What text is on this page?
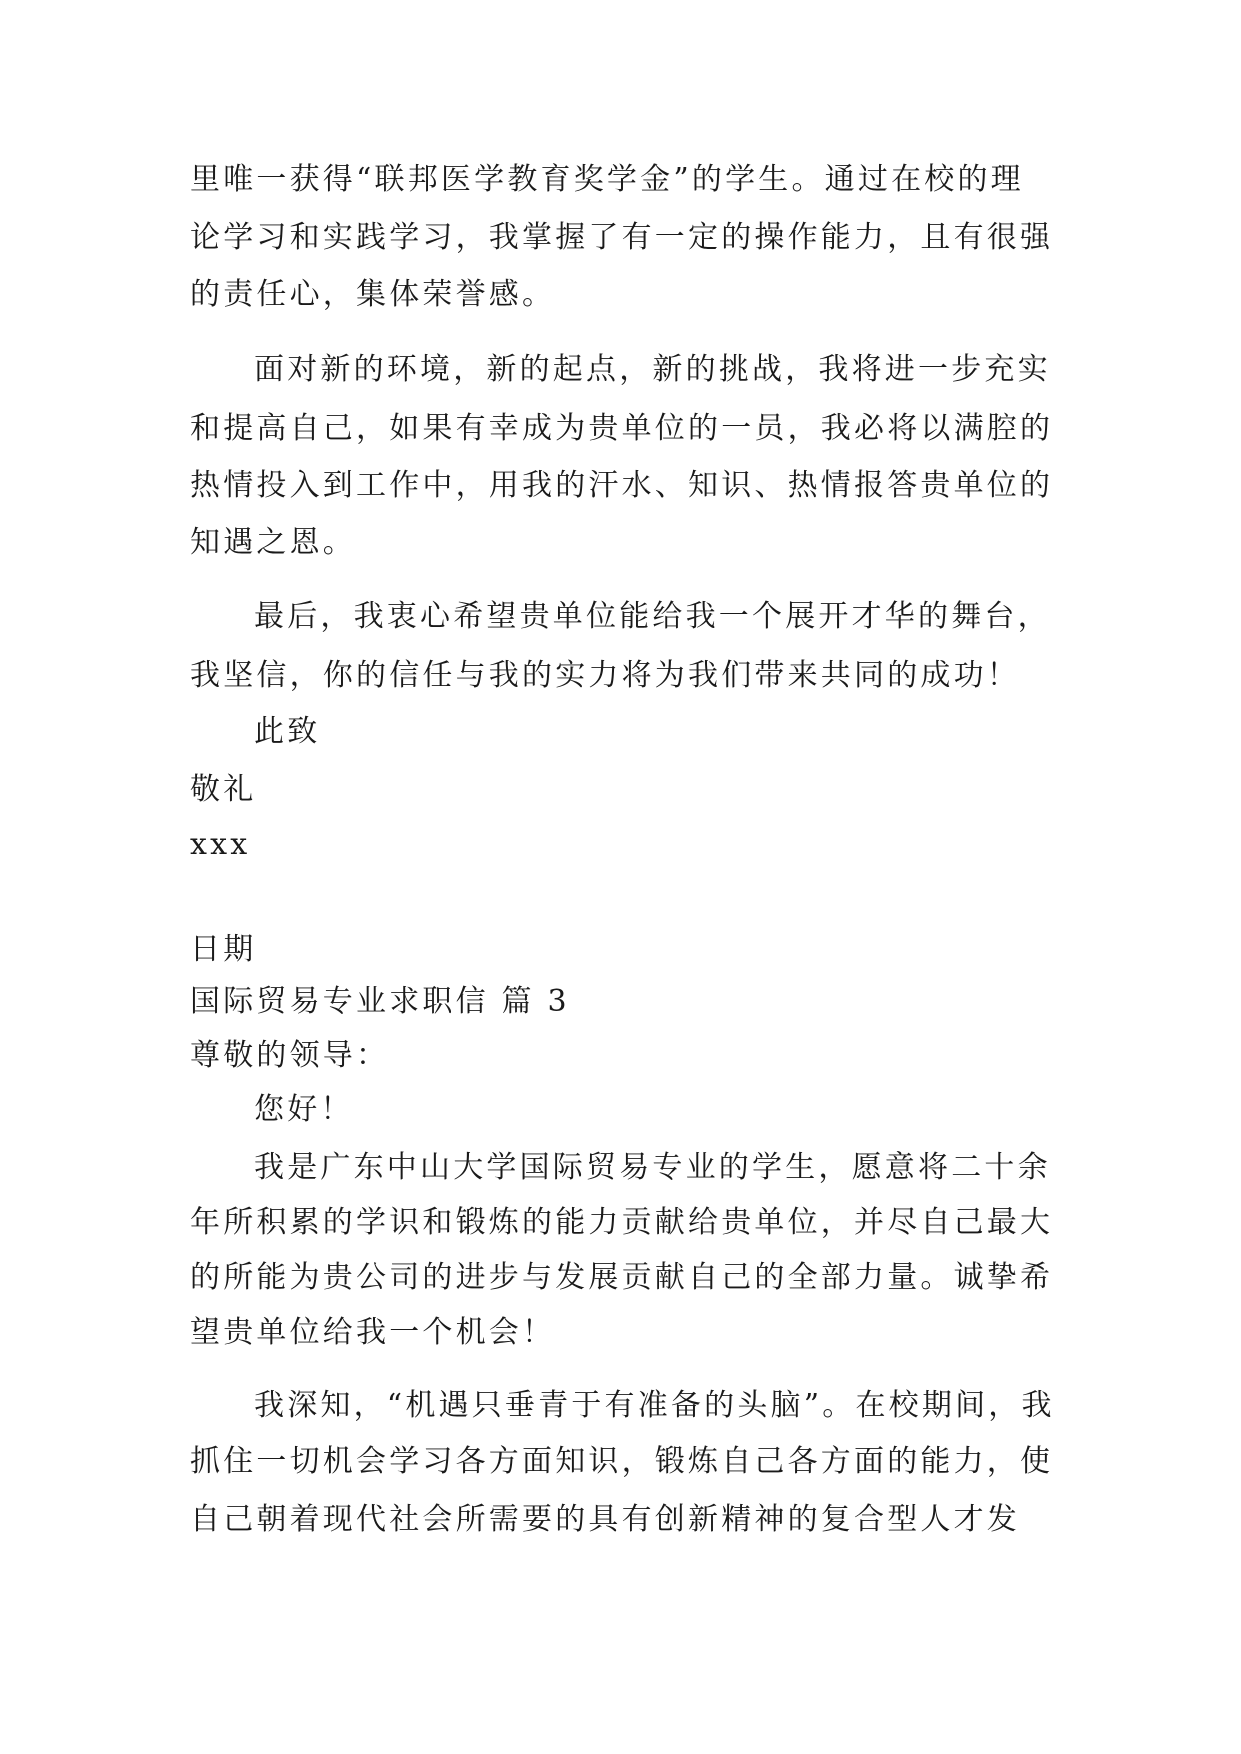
里唯一获得“联邦医学教育奖学金”的学生。通过在校的理
论学习和实践学习，我掌握了有一定的操作能力，且有很强
的责任心，集体荣誉感。
面对新的环境，新的起点，新的挑战，我将进一步充实
和提高自己，如果有幸成为贵单位的一员，我必将以满腔的
热情投入到工作中，用我的汗水、知识、热情报答贵单位的
知遇之恩。
最后，我衷心希望贵单位能给我一个展开才华的舞台，
我坚信，你的信任与我的实力将为我们带来共同的成功！
此致
敬礼
xxx
日期
国际贸易专业求职信 篇 3
尊敬的领导：
您好！
我是广东中山大学国际贸易专业的学生，愿意将二十余
年所积累的学识和锻炼的能力贡献给贵单位，并尽自己最大
的所能为贵公司的进步与发展贡献自己的全部力量。诚挚希
望贵单位给我一个机会！
我深知，“机遇只垂青于有准备的头脑”。在校期间，我
抓住一切机会学习各方面知识，锻炼自己各方面的能力，使
自己朝着现代社会所需要的具有创新精神的复合型人才发
